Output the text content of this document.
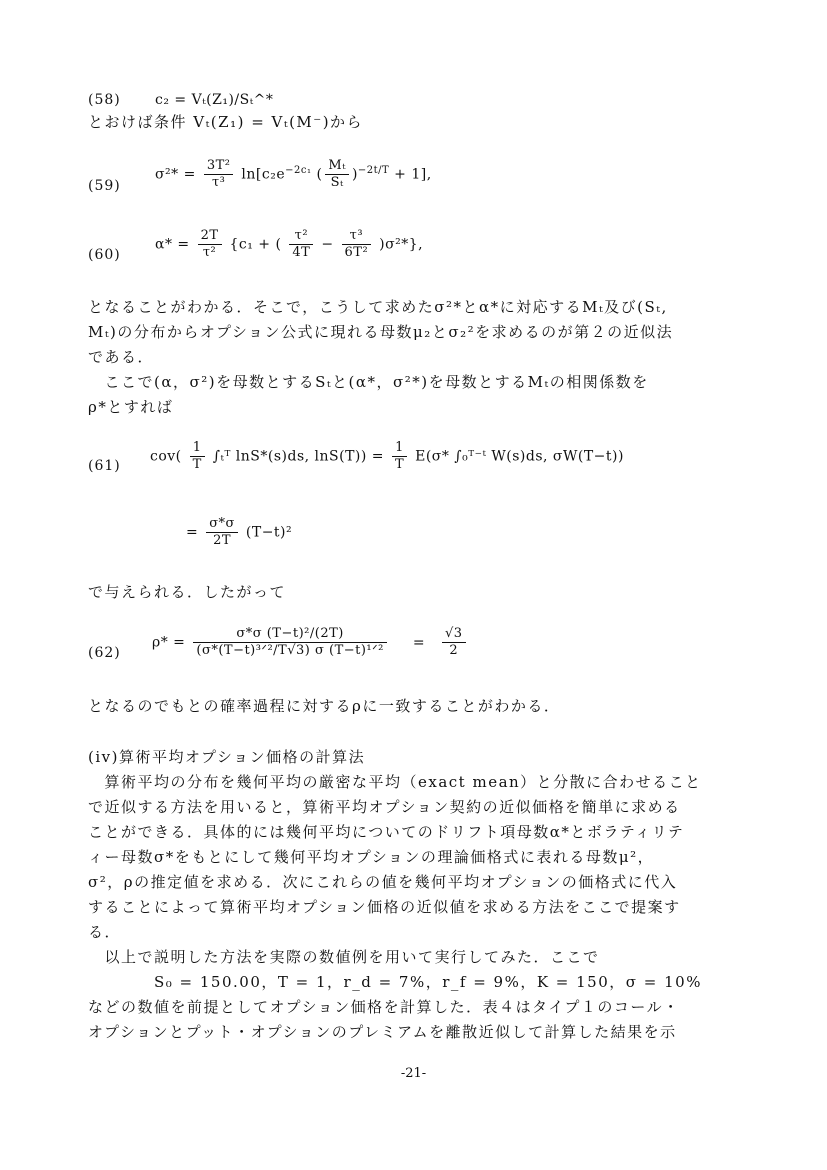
(58) c₂ = Vₜ(Z₁)/Sₜ^*
とおけば条件 Vₜ(Z₁) = Vₜ(M⁻)から
(59)
$\sigma^2* = \frac{\text{3T²}}{\text{τ³}} \ln[c_2e^{-2c_1}$ ( $\frac{\text{Mₜ}}{\text{Sₜ}} )^{-2t/T} + 1$],
(60)
$\alpha* = \frac{2T}{\text{τ²}} \{c_1$ + ( $\frac{\text{τ²}}{4T} - \frac{\text{τ³}}{\text{6T²}} )\sigma^2*$},
となることがわかる．そこで，こうして求めたσ²*とα*に対応するMₜ及び(Sₜ,
Mₜ)の分布からオプション公式に現れる母数μ₂とσ₂²を求めるのが第２の近似法
である．
　ここで(α，σ²)を母数とするSₜと(α*，σ²*)を母数とするMₜの相関係数を
ρ*とすれば
(61)
$cov( \frac{1}{T}$ ∫ₜᵀ lnS*(s)ds, $\ln S(T)) = \frac{1}{T} E(\sigma*$ ∫₀ᵀ⁻ᵗ W(s)ds, σW(T−t))
= $\frac{\sigma*\sigma}{2T} (T-t)^2$
で与えられる．したがって
(62)
$\rho* = \frac{\text{σ*σ (T−t)²/(2T)}}{\text{(σ*(T−t)³ᐟ²/T√3) σ (T−t)¹ᐟ²}} = \frac{√3}{2}$
となるのでもとの確率過程に対するρに一致することがわかる．
(iv)算術平均オプション価格の計算法
　算術平均の分布を幾何平均の厳密な平均（exact mean）と分散に合わせること
で近似する方法を用いると，算術平均オプション契約の近似価格を簡単に求める
ことができる．具体的には幾何平均についてのドリフト項母数α*とボラティリテ
ィー母数σ*をもとにして幾何平均オプションの理論価格式に表れる母数μ²，
σ²，ρの推定値を求める．次にこれらの値を幾何平均オプションの価格式に代入
することによって算術平均オプション価格の近似値を求める方法をここで提案す
る．
　以上で説明した方法を実際の数値例を用いて実行してみた．ここで
　　　　S₀ = 150.00，T = 1，r_d = 7%，r_f = 9%，K = 150，σ = 10%
などの数値を前提としてオプション価格を計算した．表４はタイプ１のコール・
オプションとプット・オプションのプレミアムを離散近似して計算した結果を示
-21-
